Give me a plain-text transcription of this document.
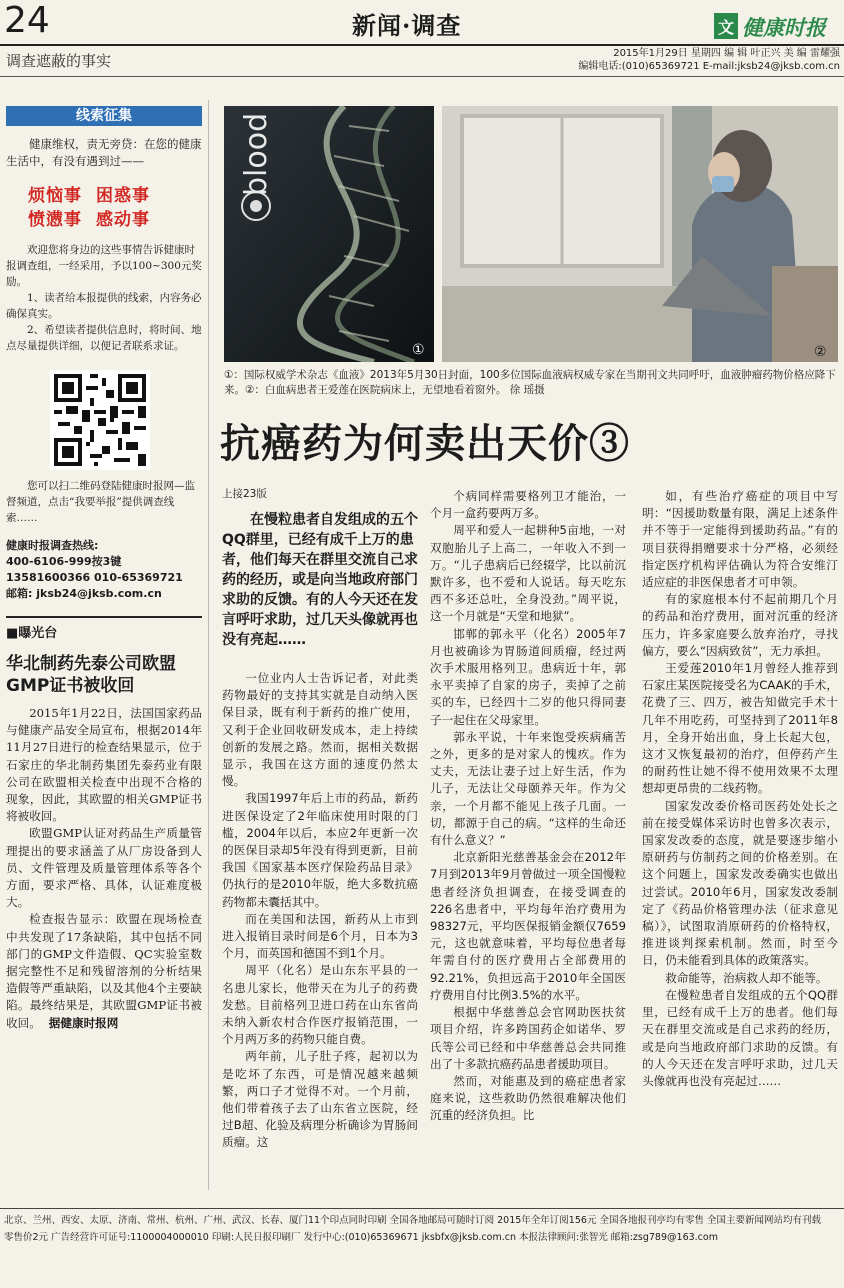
24	新闻·调查	文 健康时报
调查遮蔽的事实	2015年1月29日 星期四 编 辑 叶正兴 美 编 雷耀强
编辑电话:(010)65369721 E-mail:jksb24@jksb.com.cn
线索征集

健康维权，责无旁贷：在您的健康生活中，有没有遇到过——

烦恼事 困惑事
愤懑事 感动事

欢迎您将身边的这些事情告诉健康时报调查组，一经采用，予以100~300元奖励。

1、读者给本报提供的线索，内容务必确保真实。

2、希望读者提供信息时，将时间、地点尽量提供详细，以便记者联系求证。

您可以扫二维码登陆健康时报网—监督频道，点击“我要举报”提供调查线索……

健康时报调查热线:
400-6106-999按3键
13581600366 010-65369721
邮箱: jksb24@jksb.com.cn
■曝光台
华北制药先泰公司欧盟GMP证书被收回

2015年1月22日，法国国家药品与健康产品安全局宣布，根据2014年11月27日进行的检查结果显示，位于石家庄的华北制药集团先泰药业有限公司在欧盟相关检查中出现不合格的现象，因此，其欧盟的相关GMP证书将被收回。

欧盟GMP认证对药品生产质量管理提出的要求涵盖了从厂房设备到人员、文件管理及质量管理体系等各个方面，要求严格、具体，认证难度极大。

检查报告显示：欧盟在现场检查中共发现了17条缺陷，其中包括不同部门的GMP文件造假、QC实验室数据完整性不足和残留溶剂的分析结果造假等严重缺陷，以及其他4个主要缺陷。最终结果是，其欧盟GMP证书被收回。 据健康时报网

blood
①	②
①：国际权威学术杂志《血液》2013年5月30日封面，100多位国际血液病权威专家在当期刊文共同呼吁，血液肿瘤药物价格应降下来。②：白血病患者王爱莲在医院病床上，无望地看着窗外。 徐 瑶摄
抗癌药为何卖出天价③
上接23版

在慢粒患者自发组成的五个QQ群里，已经有成千上万的患者，他们每天在群里交流自己求药的经历，或是向当地政府部门求助的反馈。有的人今天还在发言呼吁求助，过几天头像就再也没有亮起……

一位业内人士告诉记者，对此类药物最好的支持其实就是自动纳入医保目录，既有利于新药的推广使用，又利于企业回收研发成本，走上持续创新的发展之路。然而，据相关数据显示，我国在这方面的速度仍然太慢。

我国1997年后上市的药品，新药进医保设定了2年临床使用时限的门槛，2004年以后，本应2年更新一次的医保目录却5年没有得到更新，目前我国《国家基本医疗保险药品目录》仍执行的是2010年版，绝大多数抗癌药物都未囊括其中。

而在美国和法国，新药从上市到进入报销目录时间是6个月，日本为3个月，而英国和德国不到1个月。

周平（化名）是山东东平县的一名患儿家长，他带天在为儿子的药费发愁。目前格列卫进口药在山东省尚未纳入新农村合作医疗报销范围，一个月两万多的药物只能自费。

两年前，儿子肚子疼，起初以为是吃坏了东西，可是情况越来越频繁，两口子才觉得不对。一个月前，他们带着孩子去了山东省立医院，经过B超、化验及病理分析确诊为胃肠间质瘤。这

个病同样需要格列卫才能治，一个月一盒药要两万多。

周平和爱人一起耕种5亩地，一对双胞胎儿子上高二，一年收入不到一万。“儿子患病后已经辍学，比以前沉默许多，也不爱和人说话。每天吃东西不多还总吐，全身没劲。”周平说，这一个月就是“天堂和地狱”。

邯郸的郭永平（化名）2005年7月也被确诊为胃肠道间质瘤，经过两次手术服用格列卫。患病近十年，郭永平卖掉了自家的房子，卖掉了之前买的车，已经四十二岁的他只得同妻子一起住在父母家里。

郭永平说，十年来饱受疾病痛苦之外，更多的是对家人的愧疚。作为丈夫，无法让妻子过上好生活，作为儿子，无法让父母颐养天年。作为父亲，一个月都不能见上孩子几面。一切，都源于自己的病。“这样的生命还有什么意义？”

北京新阳光慈善基金会在2012年7月到2013年9月曾做过一项全国慢粒患者经济负担调查，在接受调查的226名患者中，平均每年治疗费用为98327元，平均医保报销金额仅7659元，这也就意味着，平均每位患者每年需自付的医疗费用占全部费用的92.21%，负担远高于2010年全国医疗费用自付比例3.5%的水平。

根据中华慈善总会官网助医扶贫项目介绍，许多跨国药企如诺华、罗氏等公司已经和中华慈善总会共同推出了十多款抗癌药品患者援助项目。

然而，对能惠及到的癌症患者家庭来说，这些救助仍然很难解决他们沉重的经济负担。比

如，有些治疗癌症的项目中写明：“因援助数量有限，满足上述条件并不等于一定能得到援助药品。”有的项目获得捐赠要求十分严格，必须经指定医疗机构评估确认为符合安维汀适应症的非医保患者才可申领。

有的家庭根本付不起前期几个月的药品和治疗费用，面对沉重的经济压力，许多家庭要么放弃治疗，寻找偏方，要么“因病致贫”，无力承担。

王爱莲2010年1月曾经人推荐到石家庄某医院接受名为CAAK的手术，花费了三、四万，被告知做完手术十几年不用吃药，可坚持到了2011年8月，全身开始出血，身上长起大包，这才又恢复最初的治疗，但停药产生的耐药性让她不得不使用效果不太理想却更昂贵的二线药物。

国家发改委价格司医药处处长之前在接受媒体采访时也曾多次表示，国家发改委的态度，就是要逐步缩小原研药与仿制药之间的价格差别。在这个问题上，国家发改委确实也做出过尝试。2010年6月，国家发改委制定了《药品价格管理办法（征求意见稿）》，试图取消原研药的价格特权，推进谈判探索机制。然而，时至今日，仍未能看到具体的政策落实。

救命能等，治病救人却不能等。

在慢粒患者自发组成的五个QQ群里，已经有成千上万的患者。他们每天在群里交流或是自己求药的经历，或是向当地政府部门求助的反馈。有的人今天还在发言呼吁求助，过几天头像就再也没有亮起过……

北京、兰州、西安、太原、济南、常州、杭州、广州、武汉、长春、厦门11个印点同时印刷 全国各地邮局可随时订阅 2015年全年订阅156元 全国各地报刊亭均有零售 全国主要新闻网站均有刊载
零售价2元 广告经营许可证号:1100004000010 印刷:人民日报印刷厂 发行中心:(010)65369671 jksbfx@jksb.com.cn 本报法律顾问:张智光 邮箱:zsg789@163.com
